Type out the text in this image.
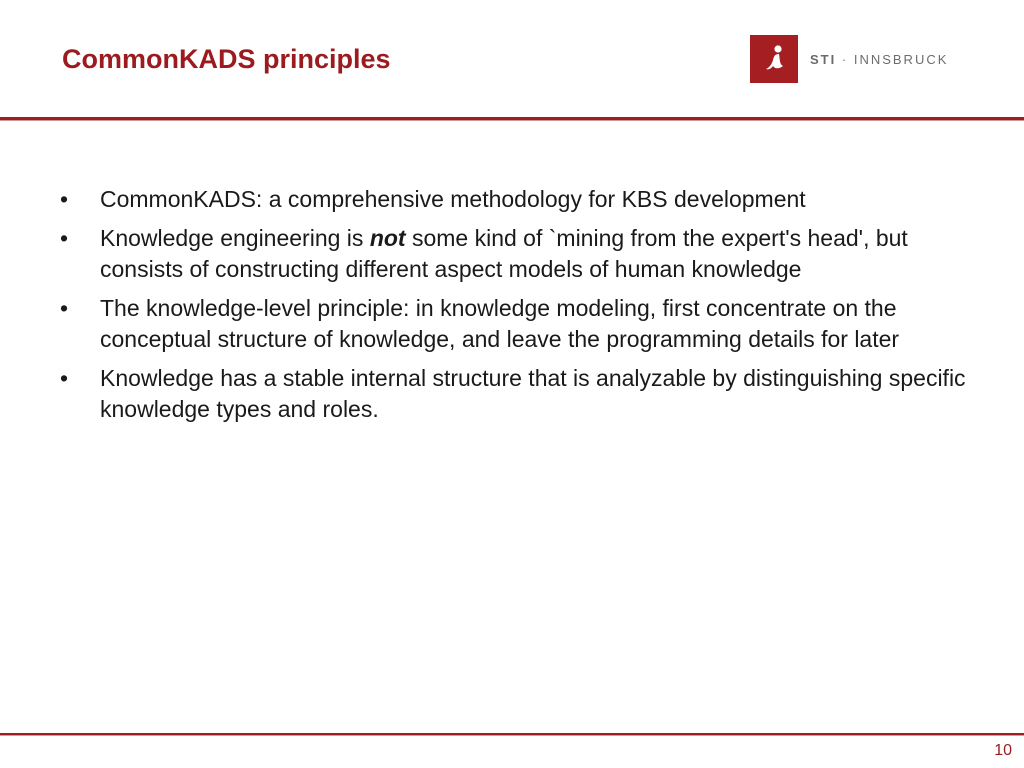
CommonKADS principles	STI · INNSBRUCK
• CommonKADS: a comprehensive methodology for KBS development
• Knowledge engineering is not some kind of `mining from the expert's head', but consists of constructing different aspect models of human knowledge
• The knowledge-level principle: in knowledge modeling, first concentrate on the conceptual structure of knowledge, and leave the programming details for later
• Knowledge has a stable internal structure that is analyzable by distinguishing specific knowledge types and roles.
10
